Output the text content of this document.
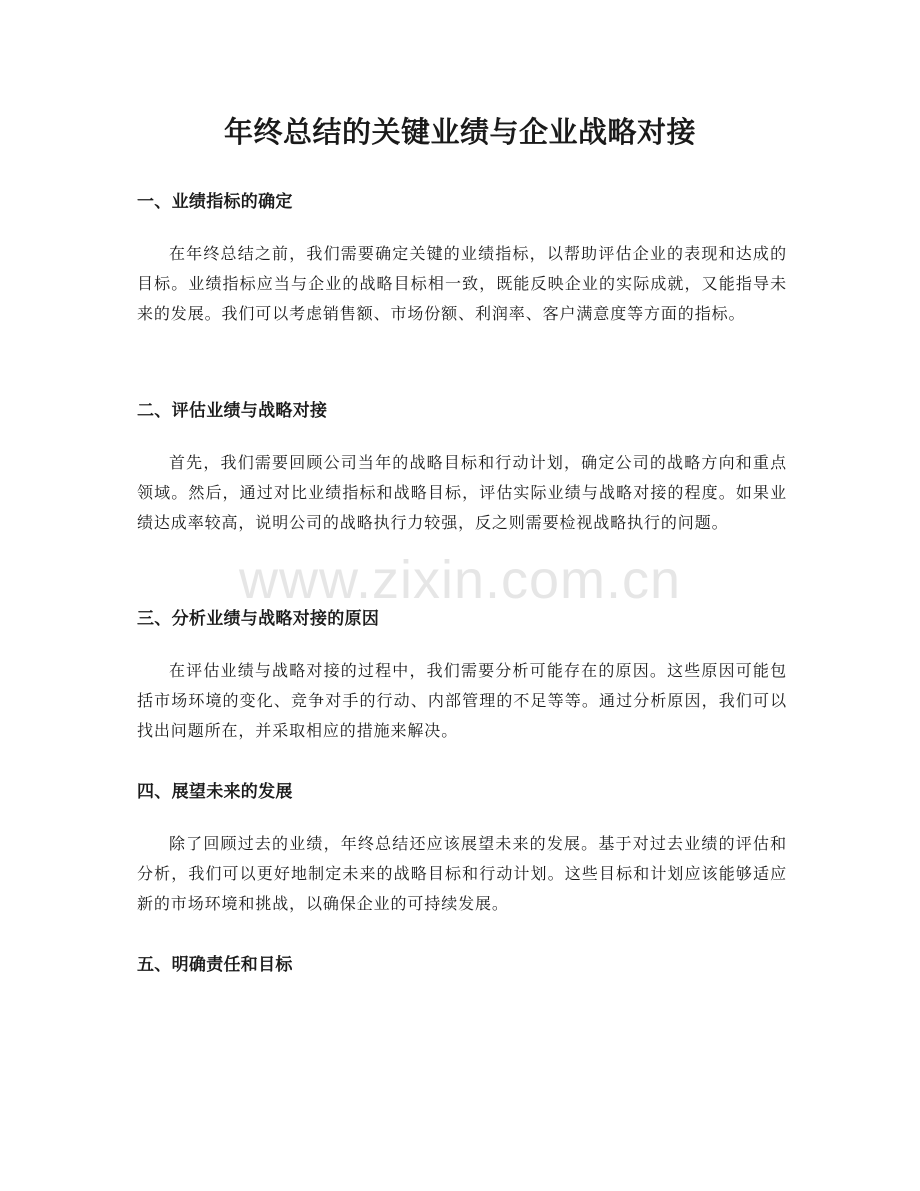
年终总结的关键业绩与企业战略对接
一、业绩指标的确定

在年终总结之前，我们需要确定关键的业绩指标，以帮助评估企业的表现和达成的目标。业绩指标应当与企业的战略目标相一致，既能反映企业的实际成就，又能指导未来的发展。我们可以考虑销售额、市场份额、利润率、客户满意度等方面的指标。

二、评估业绩与战略对接

首先，我们需要回顾公司当年的战略目标和行动计划，确定公司的战略方向和重点领域。然后，通过对比业绩指标和战略目标，评估实际业绩与战略对接的程度。如果业绩达成率较高，说明公司的战略执行力较强，反之则需要检视战略执行的问题。

三、分析业绩与战略对接的原因

在评估业绩与战略对接的过程中，我们需要分析可能存在的原因。这些原因可能包括市场环境的变化、竞争对手的行动、内部管理的不足等等。通过分析原因，我们可以找出问题所在，并采取相应的措施来解决。

四、展望未来的发展

除了回顾过去的业绩，年终总结还应该展望未来的发展。基于对过去业绩的评估和分析，我们可以更好地制定未来的战略目标和行动计划。这些目标和计划应该能够适应新的市场环境和挑战，以确保企业的可持续发展。

五、明确责任和目标
www.zixin.com.cn
